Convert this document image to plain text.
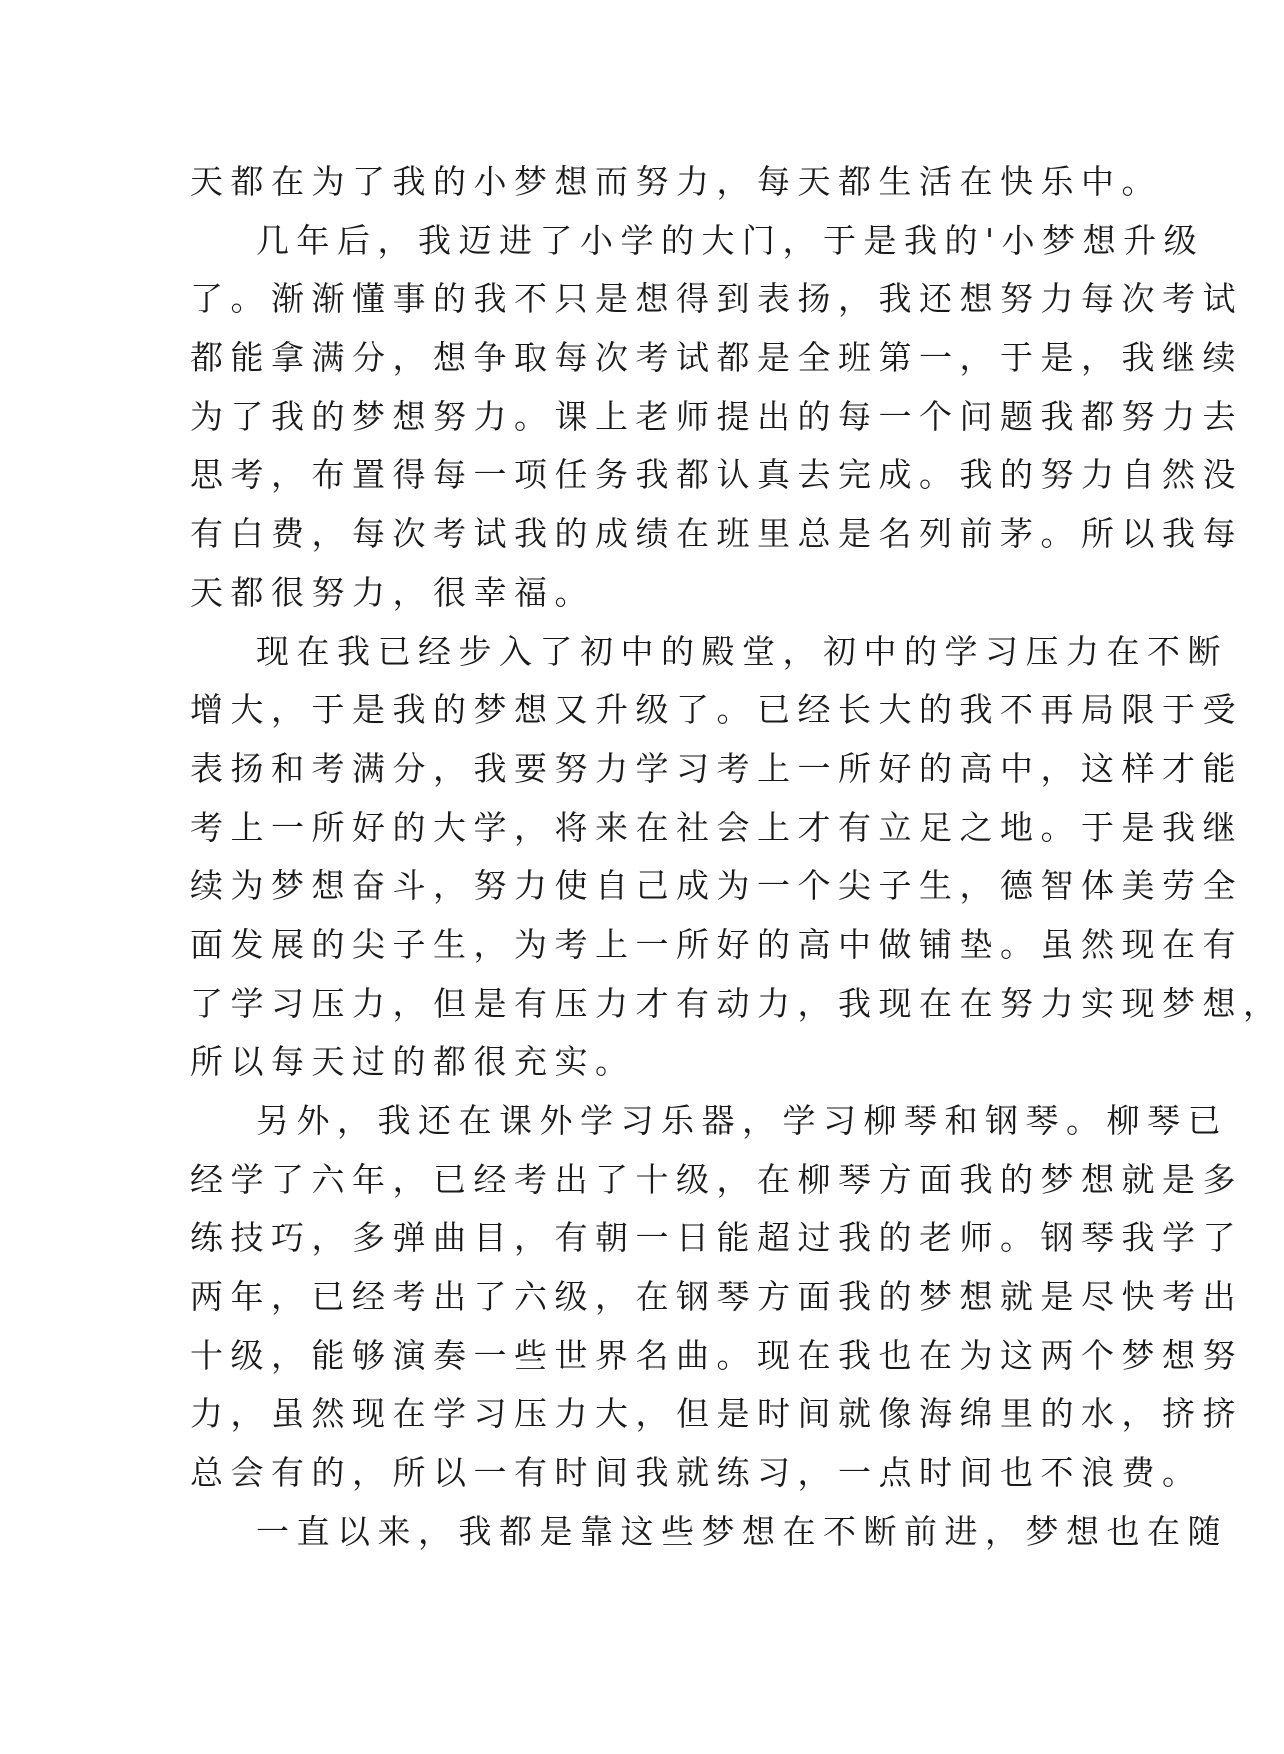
天都在为了我的小梦想而努力，每天都生活在快乐中。
几年后，我迈进了小学的大门，于是我的'小梦想升级
了。渐渐懂事的我不只是想得到表扬，我还想努力每次考试
都能拿满分，想争取每次考试都是全班第一，于是，我继续
为了我的梦想努力。课上老师提出的每一个问题我都努力去
思考，布置得每一项任务我都认真去完成。我的努力自然没
有白费，每次考试我的成绩在班里总是名列前茅。所以我每
天都很努力，很幸福。
现在我已经步入了初中的殿堂，初中的学习压力在不断
增大，于是我的梦想又升级了。已经长大的我不再局限于受
表扬和考满分，我要努力学习考上一所好的高中，这样才能
考上一所好的大学，将来在社会上才有立足之地。于是我继
续为梦想奋斗，努力使自己成为一个尖子生，德智体美劳全
面发展的尖子生，为考上一所好的高中做铺垫。虽然现在有
了学习压力，但是有压力才有动力，我现在在努力实现梦想，
所以每天过的都很充实。
另外，我还在课外学习乐器，学习柳琴和钢琴。柳琴已
经学了六年，已经考出了十级，在柳琴方面我的梦想就是多
练技巧，多弹曲目，有朝一日能超过我的老师。钢琴我学了
两年，已经考出了六级，在钢琴方面我的梦想就是尽快考出
十级，能够演奏一些世界名曲。现在我也在为这两个梦想努
力，虽然现在学习压力大，但是时间就像海绵里的水，挤挤
总会有的，所以一有时间我就练习，一点时间也不浪费。
一直以来，我都是靠这些梦想在不断前进，梦想也在随
